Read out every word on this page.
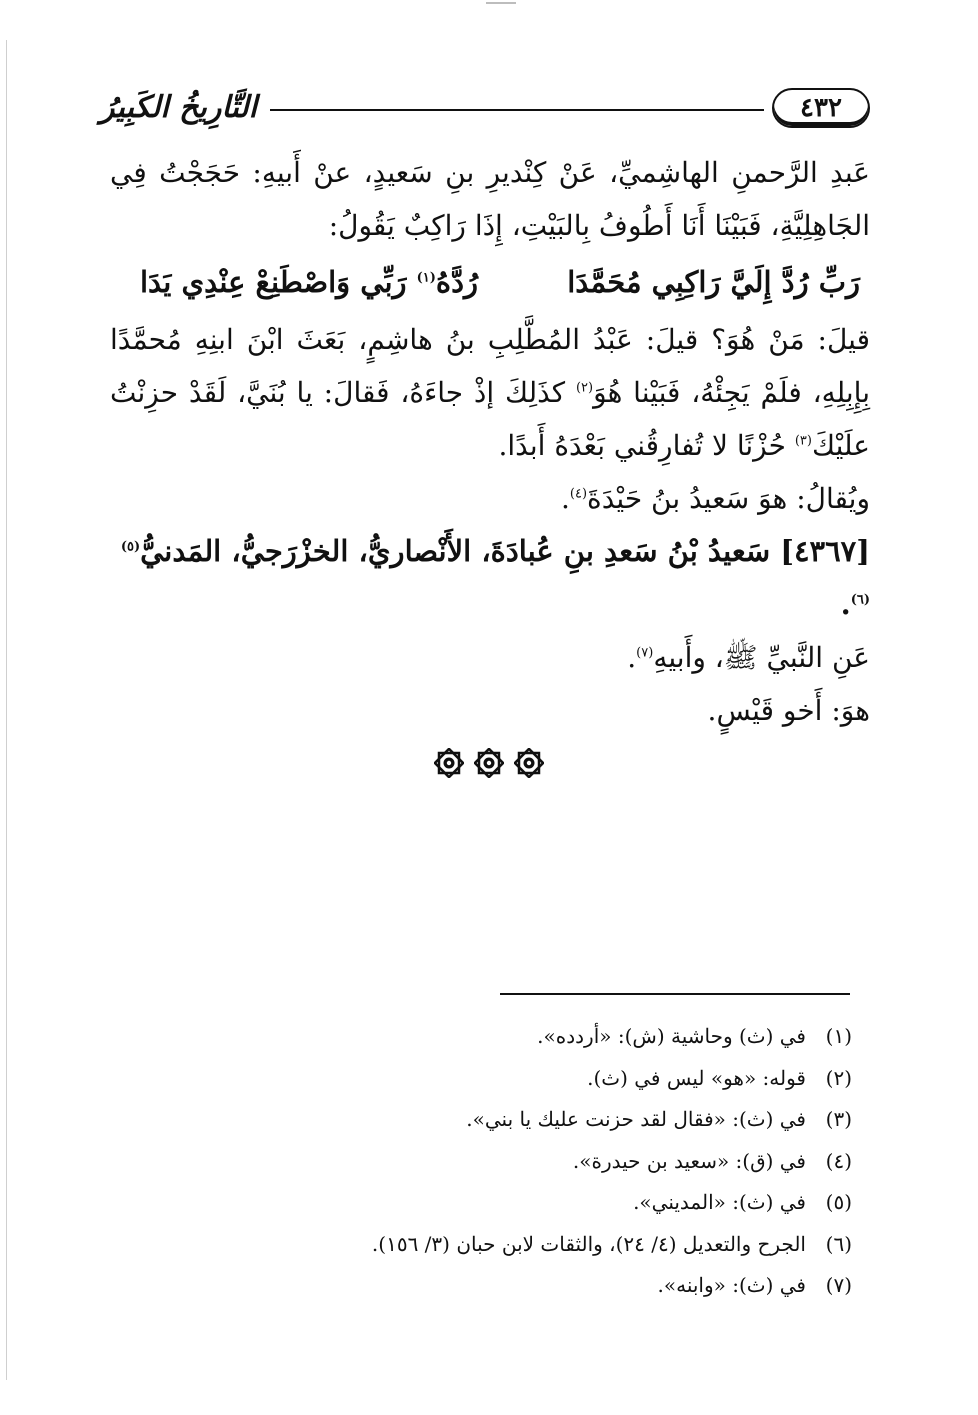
٤٣٢
التَّارِيخُ الكَبِيرُ

عَبدِ الرَّحمنِ الهاشِميِّ، عَنْ كِنْديرِ بنِ سَعيدٍ، عنْ أَبيهِ: حَجَجْتُ فِي الجَاهِلِيَّةِ، فَبَيْنَا أَنَا أَطُوفُ بِالبَيْتِ، إِذَا رَاكِبٌ يَقُولُ:

رَبِّ رُدَّ إِلَيَّ رَاكِبِي مُحَمَّدَا
رُدَّهُ$^{(١)}$ رَبِّي وَاصْطَنِعْ عِنْدِي يَدَا

قيلَ: مَنْ هُوَ؟ قيلَ: عَبْدُ المُطَّلِبِ بنُ هاشِمٍ، بَعَثَ ابْنَ ابنِهِ مُحمَّدًا بِإِبِلِهِ، فلَمْ يَجِئْهُ، فَبَيْنا هُوَ$^{(٢)}$ كذَلِكَ إذْ جاءَهُ، فَقالَ: يا بُنَيَّ، لَقَدْ حزِنْتُ علَيْكَ$^{(٣)}$ حُزْنًا لا تُفارِقُني بَعْدَهُ أَبدًا.

ويُقالُ: هوَ سَعيدُ بنُ حَيْدَةَ$^{(٤)}$.

[٤٣٦٧] سَعيدُ بْنُ سَعدِ بنِ عُبادَةَ، الأَنْصاريُّ، الخزْرَجيُّ، المَدنيُّ$^{(٥)(٦)}$.

عَنِ النَّبيِّ ﷺ، وأَبيهِ$^{(٧)}$.

هوَ: أَخو قَيْسٍ.

(١)
في (ث) وحاشية (ش): «أردده».

(٢)
قوله: «هو» ليس في (ث).

(٣)
في (ث): «فقال لقد حزنت عليك يا بني».

(٤)
في (ق): «سعيد بن حيدرة».

(٥)
في (ث): «المديني».

(٦)
الجرح والتعديل (٤/ ٢٤)، والثقات لابن حبان (٣/ ١٥٦).

(٧)
في (ث): «وابنه».
